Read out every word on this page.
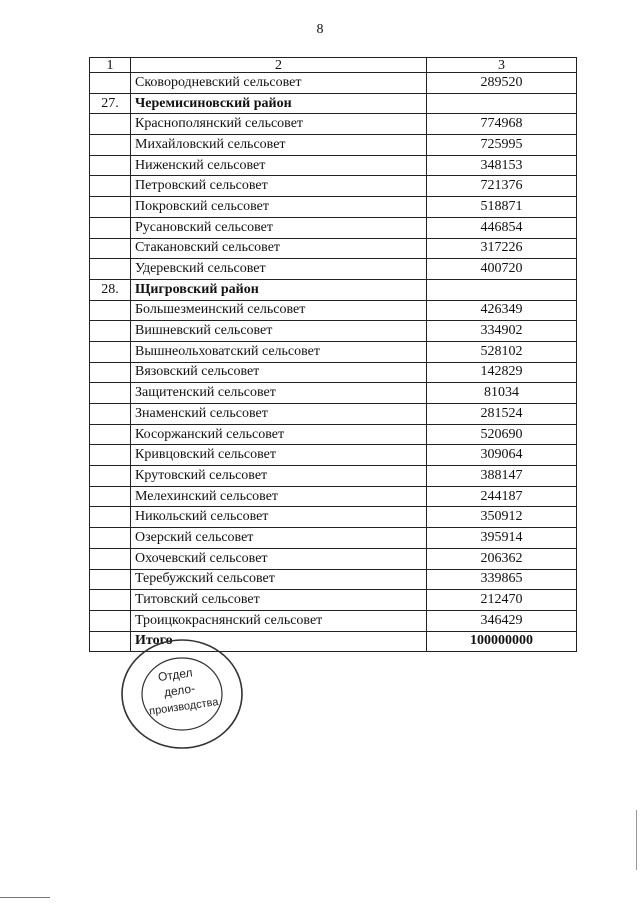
8
1	2	3
	Сковородневский сельсовет	289520
27.	Черемисиновский район	
	Краснополянский сельсовет	774968
	Михайловский сельсовет	725995
	Ниженский сельсовет	348153
	Петровский сельсовет	721376
	Покровский сельсовет	518871
	Русановский сельсовет	446854
	Стакановский сельсовет	317226
	Удеревский сельсовет	400720
28.	Щигровский район	
	Большезмеинский сельсовет	426349
	Вишневский сельсовет	334902
	Вышнеольховатский сельсовет	528102
	Вязовский сельсовет	142829
	Защитенский сельсовет	81034
	Знаменский сельсовет	281524
	Косоржанский сельсовет	520690
	Кривцовский сельсовет	309064
	Крутовский сельсовет	388147
	Мелехинский сельсовет	244187
	Никольский сельсовет	350912
	Озерский сельсовет	395914
	Охочевский сельсовет	206362
	Теребужский сельсовет	339865
	Титовский сельсовет	212470
	Троицкокраснянский сельсовет	346429
	Итого	100000000
Отдел
дело-
производства
